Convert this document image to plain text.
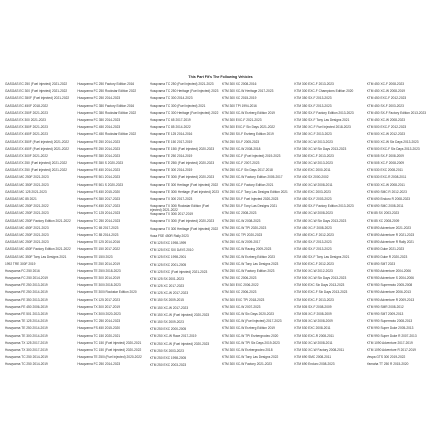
This Part Fit's The Following Vehicles
GASGAS EC 250 (Fuel injected) 2021-2022
GASGAS EC 300 (Fuel injected) 2021-2022
GASGAS EC 350F (Fuel injected) 2021-2022
GASGAS EC 450F 2018-2022
GASGAS EX 250F 2021-2023
GASGAS EX 300 2021-2023
GASGAS EX 350F 2021-2023
GASGAS EX 450F 2021-2023
GASGAS EX 350F (Fuel injected) 2021-2022
GASGAS EX 450F (Fuel injected) 2021-2022
GASGAS EX 300F 2021-2022
GASGAS EX 250 (Fuel injected) 2021-2022
GASGAS EX 250 (Fuel injected) 2021-2022
GASGAS MC 250F 2021-2023
GASGAS MC 350F 2021-2023
GASGAS MC 125 2021-2023
GASGAS MC 85 2021
GASGAS MC 250F 2021-2022
GASGAS MC 250F 2021-2023
GASGAS MC 250F Factory Edition 2021-2022
GASGAS MC 450F 2021-2023
GASGAS MC 250F 2021-2023
GASGAS MC 250F 2021-2023
GASGAS MC 450F Factory Edition 2021-2022
GASGAS MC 350F Tony Las Designs 2021
1992 TRE 300F 2019
Husqvarna FC 250 2016
Husqvarna FC 250 2014-2019
Husqvarna FE 250 2013-2019
Husqvarna FE 250 2014-2019
Husqvarna FE 350 2013-2019
Husqvarna FE 450 2006-2019
Husqvarna FE 501 2013-2019
Husqvarna TE 125 2014-2019
Husqvarna TE 250 2014-2019
Husqvarna TE 300 2014-2019
Husqvarna TX 125 2017-2019
Husqvarna TX 300 2017-2019
Husqvarna TC 250 2014-2019
Husqvarna TC 250 2014-2019
Husqvarna FC 250 Factory Edition 2016
Husqvarna FC 250 Rockstar Edition 2022
Husqvarna FC 250 2014-2023
Husqvarna FC 350 Factory Edition 2016
Husqvarna FC 350 Rockstar Edition 2022
Husqvarna FC 350 2014-2023
Husqvarna FC 450 2014-2023
Husqvarna FC 450 Rockstar Edition 2022
Husqvarna FE 250 2014-2023
Husqvarna FE 250 2014-2023
Husqvarna FE 350 2014-2023
Husqvarna FE 350 S 2020-2023
Husqvarna FE 450 2014-2023
Husqvarna FE 501 2014-2023
Husqvarna FE 501 S 2020-2023
Husqvarna FS 450 2015-2020
Husqvarna FX 350 2017-2023
Husqvarna FX 450 2017-2023
Husqvarna TC 125 2014-2023
Husqvarna TC 250 2014-2023
Husqvarna TC 65 2017-2023
Husqvarna TC 85 2014-2023
Husqvarna TE 125 2014-2016
Husqvarna TE 150 2017-2022
Husqvarna TE 150i 2023
Husqvarna TE 250 2014-2019
Husqvarna TE 250i 2018-2023
Husqvarna TE 300 2014-2019
Husqvarna TE 300i 2018-2023
Husqvarna TE 300i Rockstar Edition 2020
Husqvarna TX 125 2017-2023
Husqvarna TX 300 2017-2019
Husqvarna TX 300i 2020-2023
Husqvarna TC 250 2014-2023
Husqvarna FS 450 2015-2020
Husqvarna TC 150 2020-2021
Husqvarna TC 150 (Fuel injected) 2020-2021
Husqvarna TC 150 (Fuel injected) 2020-2022
Husqvarna TE 250i (Fuel injected) 2020-2022
Husqvarna FC 250 2014-2023
Husqvarna TC 250 (Fuel injected) 2021-2023
Husqvarna TC 250 Heritage (Fuel injected) 2023
Husqvarna TC 300 2014-2023
Husqvarna TC 300 (Fuel injected) 2021
Husqvarna TC 300 Heritage (Fuel injected) 2022
Husqvarna TC 65 2017-2019
Husqvarna TC 85 2014-2022
Husqvarna TE 125 2014-2016
Husqvarna TE 150 2017-2019
Husqvarna TE 150i (Fuel injected) 2020-2023
Husqvarna TE 250 2014-2019
Husqvarna TE 250i (Fuel injected) 2020-2023
Husqvarna TE 300 2014-2019
Husqvarna TE 300i (Fuel injected) 2020-2023
Husqvarna TE 300 Heritage (Fuel injected) 2022
Husqvarna TE 300i Heritage (Fuel injected) 2023
Husqvarna TX 300 2017-2023
Husqvarna TX 300i Rockstar Edition (Fuel injected) 2021-2022
Husqvarna TX 300i 2017-2019
Husqvarna TX 300i (Fuel injected) 2020-2023
Husqvarna TX 300 Heritage (Fuel injected) 2022
Husa FSE 450R Rally 2023
KTM 125 EXC 1998-1999
KTM 125 EXC SIX DAYS 2010
KTM 125 EXC 1998-2001
KTM 125 EXC 2001-2005
KTM 125 EXC (Fuel injected) 2021-2023
KTM 125 SX 2001-2023
KTM 125 XC 2017-2023
KTM 125 XC-W 2017-2023
KTM 150 SX 2009-2015
KTM 150 XC-W 2017-2023
KTM 150 XC-W (Fuel injected) 2020-2023
KTM 150 SX 2009-2023
KTM 250 EXC 2000-2005
KTM 250 XC-W Race 2017-2019
KTM 250 XC-W (Fuel injected) 2020-2023
KTM 250 SX 2003-2023
KTM 250 EXC 1998-2005
KTM 250 EXC 2003-2023
KTM 300 XC 2008-2016
KTM 300 XC-W Heritage 2017-2023
KTM 300 XC 2015-2019
KTM 300 TPI 1994-2016
KTM 300 XC-W Erzberg Edition 2019
KTM 300 EXC-F 2021-2023
KTM 300 EXC-F Six Days 2021-2022
KTM 250 SX-F Erzberg Edition 2019
KTM 250 SX-F 2005-2023
KTM 250 XC-W 2008-2018
KTM 250 XC-F (Fuel injected) 2019-2023
KTM 250 XC-F 2007-2023
KTM 250 XC-F Six Days 2017-2018
KTM 250 XC-W Factory Edition 2005-2017
KTM 250 XC-F Factory Edition 2021
KTM 250 XC-F Tony Las Designs Edition 2021
KTM 250 SX-F Fuel Injected 2020-2023
KTM 250 SX-F Tony Las Designs 2021
KTM 250 XC 2008-2023
KTM 250 XC-W 2008-2023
KTM 250 XC-W TPI 2020-2023
KTM 250 XC TPI 2020-2023
KTM 250 XC-W 2009-2017
KTM 250 XC-W Racing 2009-2023
KTM 250 XC-W Erzberg Edition 2023
KTM 250 XC-W Tony Las Designs 2023
KTM 250 XC-W Factory Edition 2023
KTM 250 XC 2006-2023
KTM 300 EXC 2006-2022
KTM 300 XC 2006-2023
KTM 300 EXC TPI 2018-2023
KTM 300 XC-W 2007-2023
KTM 300 XC-W Six Days 2020-2023
KTM 300 XC-W (Fuel injected) 2017-2023
KTM 300 XC-W Erzberg Edition 2019
KTM 300 XC-W TPI Erzbergrodeo 2020
KTM 300 XC-W TPI Six Days 2019-2023
KTM 300 XC-W Erzbergrodeo 2018
KTM 300 XC-W Tony Las Designs 2022
KTM 300 XC-W Factory 2021-2023
KTM 300 EXC-F 2013-2023
KTM 300 EXC-F Champions Edition 2020
KTM 350 SX-F 2013-2023
KTM 350 SX-F 2013-2023
KTM 350 SX-F Factory Edition 2013-2023
KTM 350 SX-F Tony Las Designs 2021
KTM 350 XC-F Fuel Injected 2018-2023
KTM 350 XC-F 2013-2023
KTM 350 XC-W 2013-2023
KTM 350 XC-W Six Days 2013-2023
KTM 350 EXC-F 2013-2023
KTM 350 XC-W 2013-2023
KTM 400 EXC 2000-2011
KTM 400 SX 2000-2002
KTM 400 XC-W 2008-2011
KTM 450 EXC 2003-2023
KTM 450 SX-F 2003-2023
KTM 450 SX-F Factory Edition 2013-2023
KTM 450 XC-W 2008-2023
KTM 450 XC-W Six Days 2013-2023
KTM 450 XC-F 2008-2023
KTM 450 EXC-F 2012-2023
KTM 450 SX-F 2013-2023
KTM 450 SX-F 2013-2023
KTM 450 SX-F Tony Las Designs 2021
KTM 500 EXC-F 2012-2023
KTM 500 XC-W 2012-2023
KTM 500 XC-W Six Days 2013-2023
KTM 500 EXC Six Days 2013-2023
KTM 500 EXC-F Six Days 2013-2023
KTM 500 EXC-F 2013-2023
KTM 505 SX-F 2008-2009
KTM 505 XC-F 2008-2009
KTM 505 XC-W 2008-2009
KTM 530 EXC 2008-2011
KTM 530 EXC-R 2008-2011
KTM 530 XC-W 2008-2011
KTM 530 XC-W Factory 2008-2011
KTM 690 SMC 2008-2011
KTM 690 Enduro 2008-2023
KTM 450 XC-F 2008-2023
KTM 450 XC-W 2008-2019
KTM 450 EXC-F 2012-2023
KTM 450 SX-F 2003-2023
KTM 450 SX-F Factory Edition 2013-2023
KTM 450 XC-W 2008-2023
KTM 500 EXC-F 2012-2023
KTM 500 XC-W 2012-2023
KTM 500 XC-W Six Days 2013-2023
KTM 500 EXC-F Six Days 2013-2023
KTM 505 SX-F 2008-2009
KTM 505 XC-F 2008-2009
KTM 530 EXC 2008-2011
KTM 530 EXC-R 2008-2011
KTM 530 XC-W 2008-2011
KTM 690 SMC R 2012-2023
KTM 690 Enduro R 2008-2023
KTM 690 SMC 2008-2011
KTM 85 SX 2003-2023
KTM 85 XC 2008-2009
KTM 890 Adventure 2021-2023
KTM 890 Adventure R 2021-2023
KTM 890 Adventure R Rally 2021
KTM 890 Duke 2021-2023
KTM 890 Duke R 2020-2023
KTM 890 SMT 2023
KTM 950 Adventure 2004-2006
KTM 950 Adventure S 2004-2006
KTM 950 Supermoto 2005-2008
KTM 990 Adventure 2006-2013
KTM 990 Adventure R 2009-2013
KTM 990 SMR 2008-2012
KTM 990 SMT 2009-2013
KTM 990 Supermoto 2008-2013
KTM 990 Super Duke 2005-2013
KTM 990 Super Duke R 2007-2013
KTM 1090 Adventure 2017-2019
KTM 1090 Adventure R 2017-2019
Vespa GTS 300 2019-2022
Yamaha TT 250 R 2015-2020
